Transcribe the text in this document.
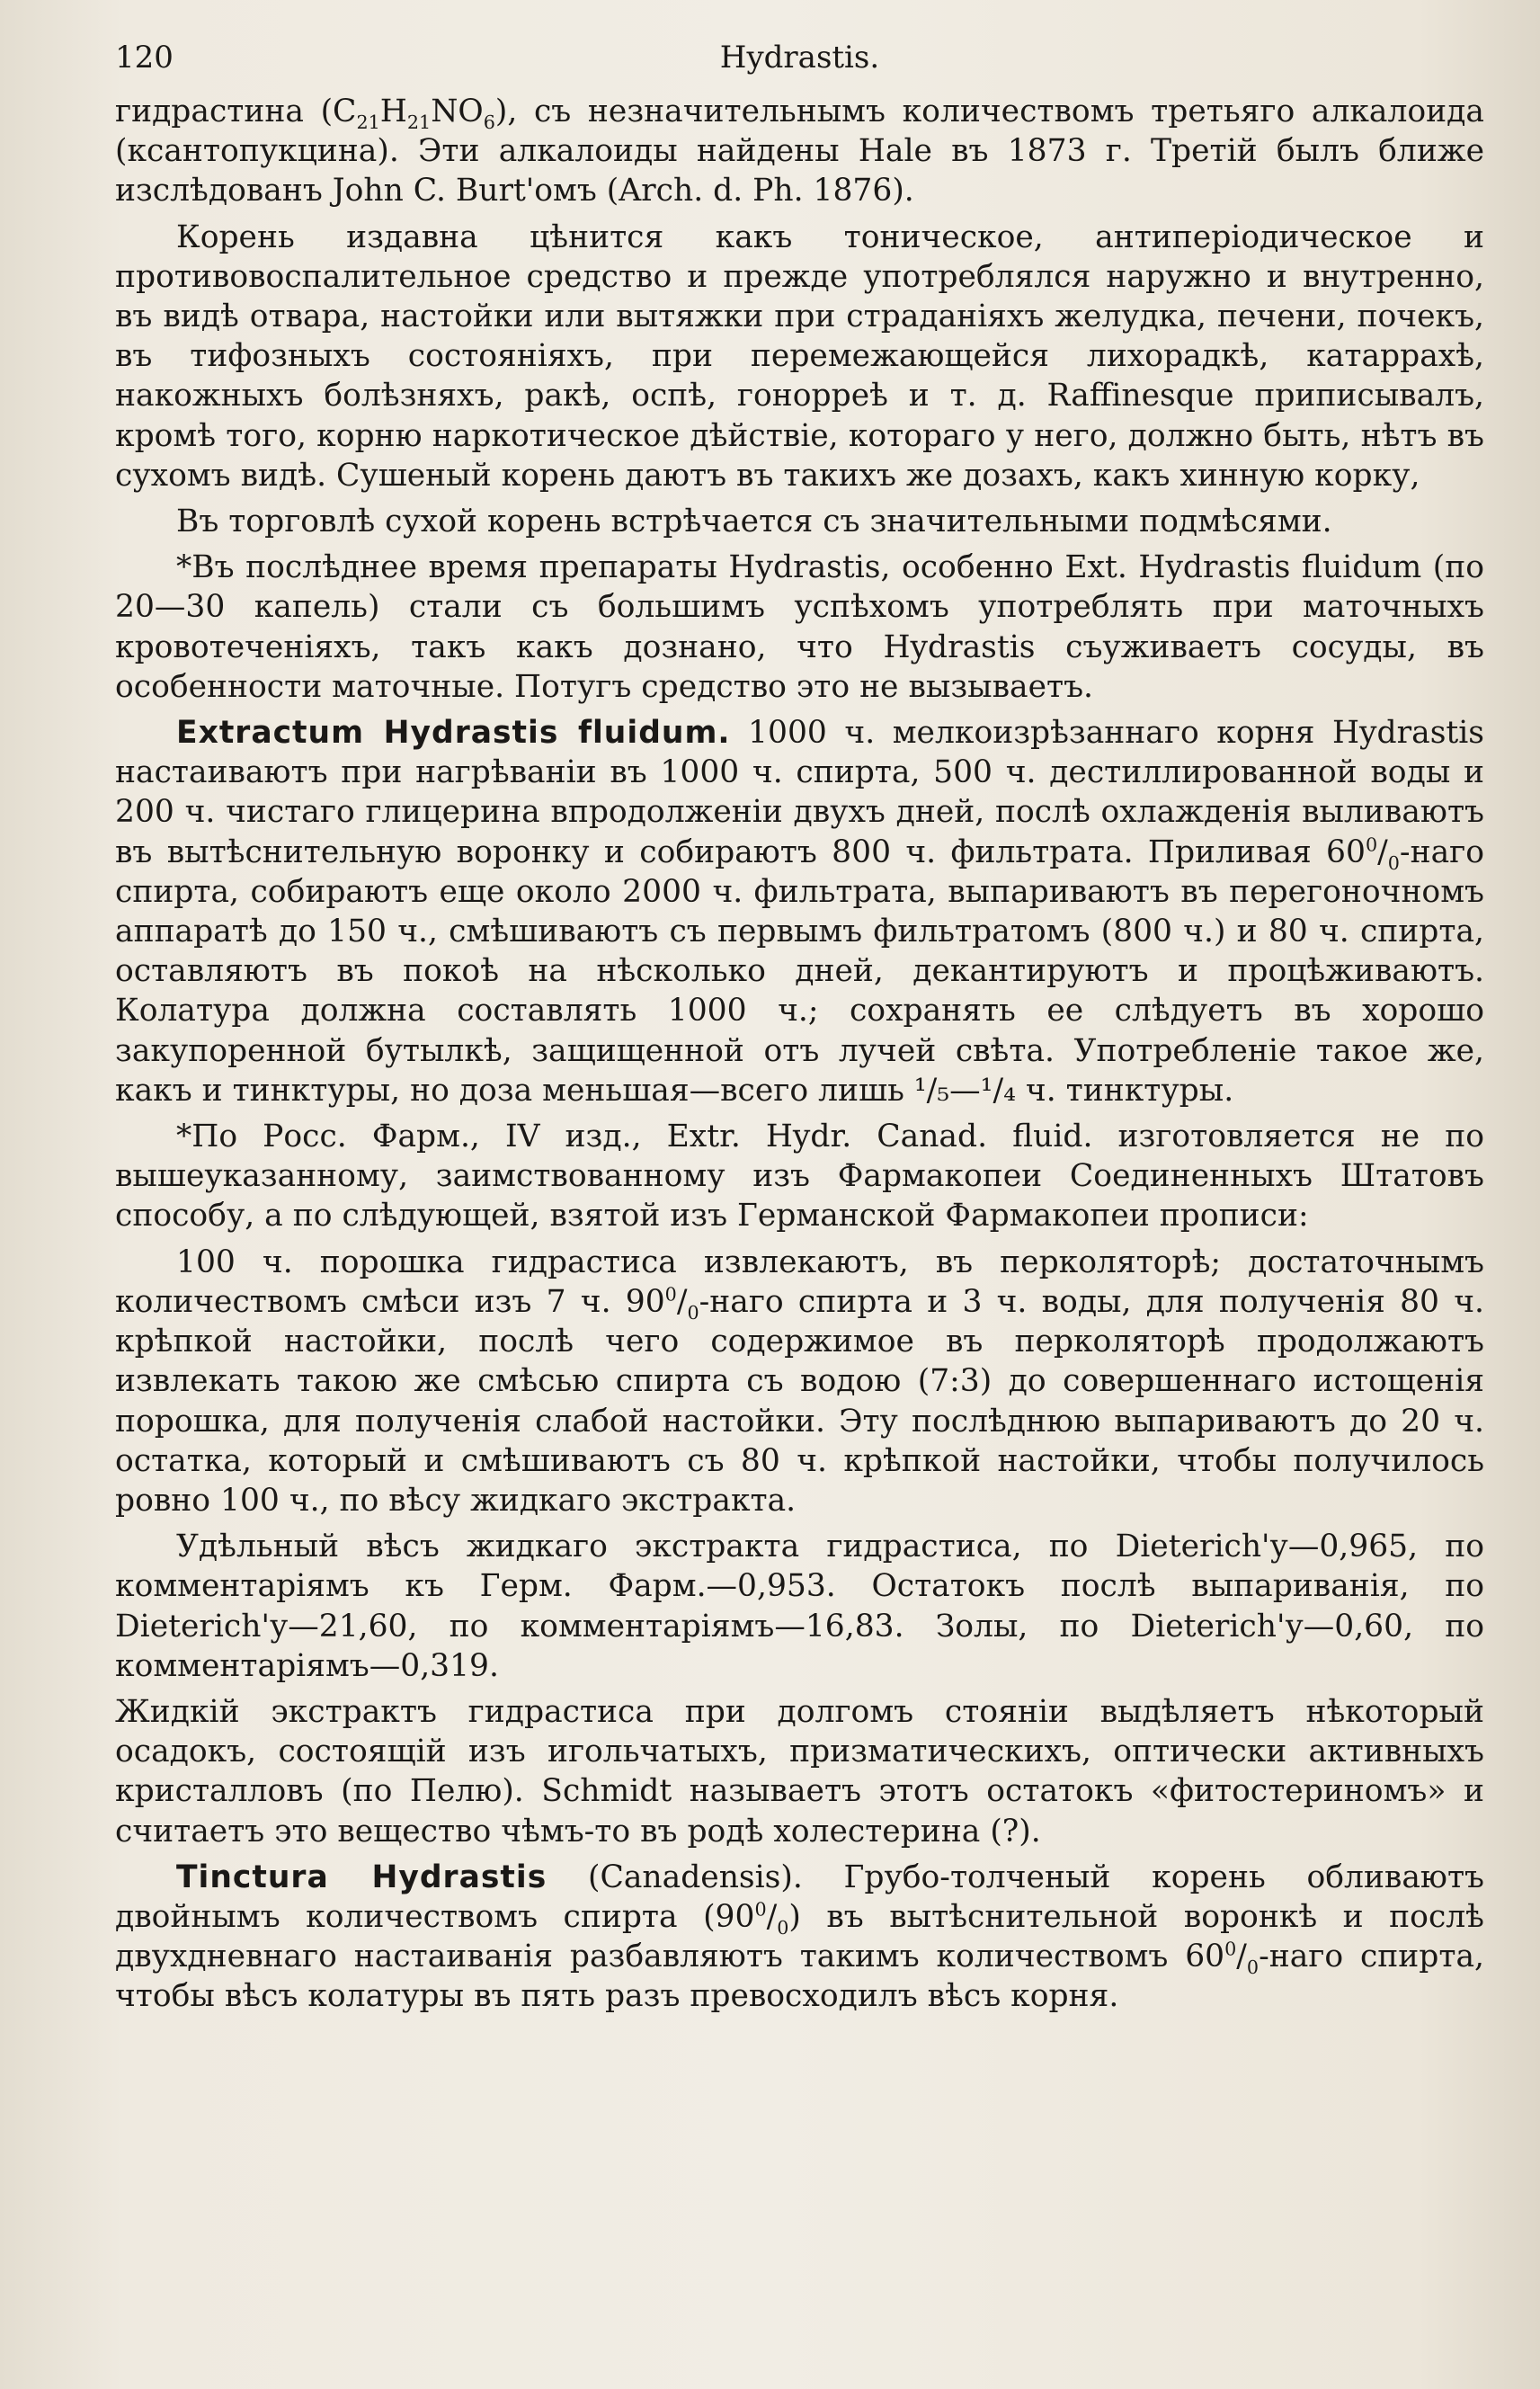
120	Hydrastis.

гидрастина $(C_{21}H_{21}NO_6)$, съ незначительнымъ количествомъ третьяго алкалоида (ксантопукцина). Эти алкалоиды найдены Hale въ 1873 г. Третій былъ ближе изслѣдованъ John C. Burt'омъ (Arch. d. Ph. 1876).

Корень издавна цѣнится какъ тоническое, антиперіодическое и противовоспалительное средство и прежде употреблялся наружно и внутренно, въ видѣ отвара, настойки или вытяжки при страданіяхъ желудка, печени, почекъ, въ тифозныхъ состояніяхъ, при перемежающейся лихорадкѣ, катаррахѣ, накожныхъ болѣзняхъ, ракѣ, оспѣ, гонорреѣ и т. д. Raffinesque приписывалъ, кромѣ того, корню наркотическое дѣйствіе, котораго у него, должно быть, нѣтъ въ сухомъ видѣ. Сушеный корень даютъ въ такихъ же дозахъ, какъ хинную корку,

Въ торговлѣ сухой корень встрѣчается съ значительными подмѣсями.

*Въ послѣднее время препараты Hydrastis, особенно Ext. Hydrastis fluidum (по 20—30 капель) стали съ большимъ успѣхомъ употреблять при маточныхъ кровотеченіяхъ, такъ какъ дознано, что Hydrastis съуживаетъ сосуды, въ особенности маточные. Потугъ средство это не вызываетъ.

Extractum Hydrastis fluidum. 1000 ч. мелкоизрѣзаннаго корня Hydrastis настаиваютъ при нагрѣваніи въ 1000 ч. спирта, 500 ч. дестиллированной воды и 200 ч. чистаго глицерина впродолженіи двухъ дней, послѣ охлажденія выливаютъ въ вытѣснительную воронку и собираютъ 800 ч. фильтрата. Приливая $60^0/_0$-наго спирта, собираютъ еще около 2000 ч. фильтрата, выпариваютъ въ перегоночномъ аппаратѣ до 150 ч., смѣшиваютъ съ первымъ фильтратомъ (800 ч.) и 80 ч. спирта, оставляютъ въ покоѣ на нѣсколько дней, декантируютъ и процѣживаютъ. Колатура должна составлять 1000 ч.; сохранять ее слѣдуетъ въ хорошо закупоренной бутылкѣ, защищенной отъ лучей свѣта. Употребленіе такое же, какъ и тинктуры, но доза меньшая—всего лишь ¹/₅—¹/₄ ч. тинктуры.

*По Росс. Фарм., IV изд., Extr. Hydr. Canad. fluid. изготовляется не по вышеуказанному, заимствованному изъ Фармакопеи Соединенныхъ Штатовъ способу, а по слѣдующей, взятой изъ Германской Фармакопеи прописи:

100 ч. порошка гидрастиса извлекаютъ, въ перколяторѣ; достаточнымъ количествомъ смѣси изъ 7 ч. $90^0/_0$-наго спирта и 3 ч. воды, для полученія 80 ч. крѣпкой настойки, послѣ чего содержимое въ перколяторѣ продолжаютъ извлекать такою же смѣсью спирта съ водою (7:3) до совершеннаго истощенія порошка, для полученія слабой настойки. Эту послѣднюю выпариваютъ до 20 ч. остатка, который и смѣшиваютъ съ 80 ч. крѣпкой настойки, чтобы получилось ровно 100 ч., по вѣсу жидкаго экстракта.

Удѣльный вѣсъ жидкаго экстракта гидрастиса, по Dieterich'у—0,965, по комментаріямъ къ Герм. Фарм.—0,953. Остатокъ послѣ выпариванія, по Dieterich'у—21,60, по комментаріямъ—16,83. Золы, по Dieterich'у—0,60, по комментаріямъ—0,319.

Жидкій экстрактъ гидрастиса при долгомъ стояніи выдѣляетъ нѣкоторый осадокъ, состоящій изъ игольчатыхъ, призматическихъ, оптически активныхъ кристалловъ (по Пелю). Schmidt называетъ этотъ остатокъ «фитостериномъ» и считаетъ это вещество чѣмъ-то въ родѣ холестерина (?).

Tinctura Hydrastis (Canadensis). Грубо-толченый корень обливаютъ двойнымъ количествомъ спирта $(90^0/_0)$ въ вытѣснительной воронкѣ и послѣ двухдневнаго настаиванія разбавляютъ такимъ количествомъ $60^0/_0$-наго спирта, чтобы вѣсъ колатуры въ пять разъ превосходилъ вѣсъ корня.
